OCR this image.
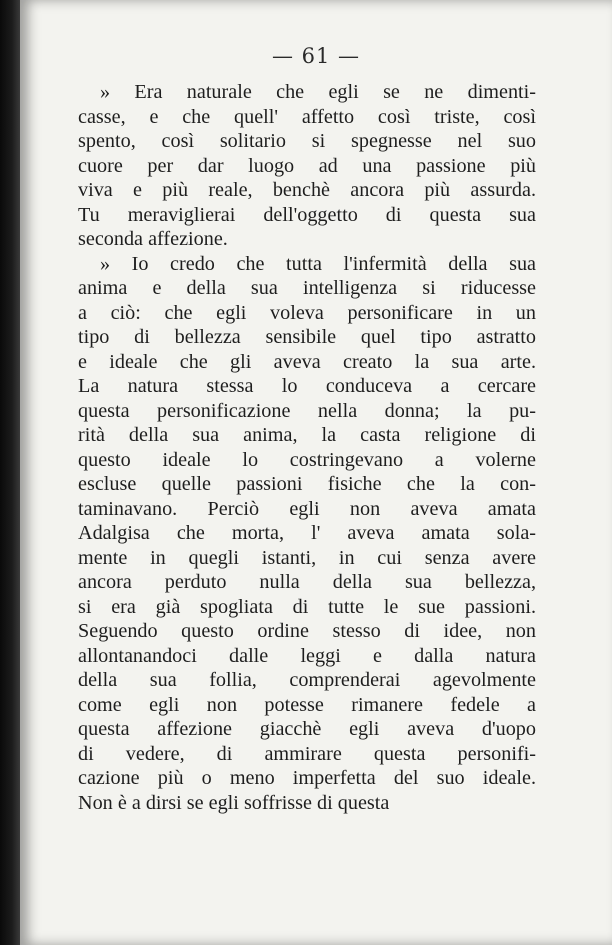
— 61 —
» Era naturale che egli se ne dimenti-
casse, e che quell' affetto così triste, così
spento, così solitario si spegnesse nel suo
cuore per dar luogo ad una passione più
viva e più reale, benchè ancora più assurda.
Tu meraviglierai dell'oggetto di questa sua
seconda affezione.
» Io credo che tutta l'infermità della sua
anima e della sua intelligenza si riducesse
a ciò: che egli voleva personificare in un
tipo di bellezza sensibile quel tipo astratto
e ideale che gli aveva creato la sua arte.
La natura stessa lo conduceva a cercare
questa personificazione nella donna; la pu-
rità della sua anima, la casta religione di
questo ideale lo costringevano a volerne
escluse quelle passioni fisiche che la con-
taminavano. Perciò egli non aveva amata
Adalgisa che morta, l' aveva amata sola-
mente in quegli istanti, in cui senza avere
ancora perduto nulla della sua bellezza,
si era già spogliata di tutte le sue passioni.
Seguendo questo ordine stesso di idee, non
allontanandoci dalle leggi e dalla natura
della sua follia, comprenderai agevolmente
come egli non potesse rimanere fedele a
questa affezione giacchè egli aveva d'uopo
di vedere, di ammirare questa personifi-
cazione più o meno imperfetta del suo ideale.
Non è a dirsi se egli soffrisse di questa
